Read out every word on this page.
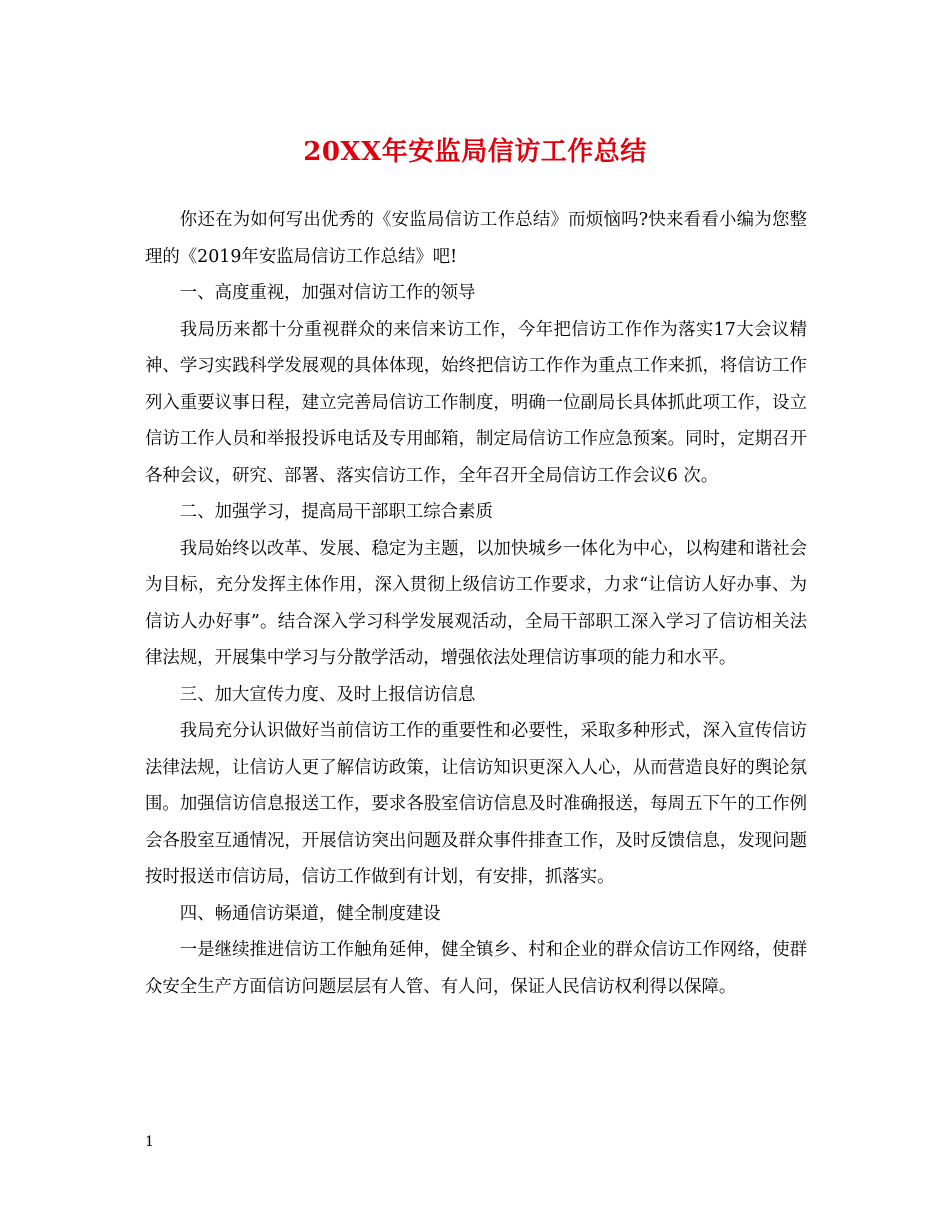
20XX年安监局信访工作总结

你还在为如何写出优秀的《安监局信访工作总结》而烦恼吗?快来看看小编为您整理的《2019年安监局信访工作总结》吧!

一、高度重视，加强对信访工作的领导

我局历来都十分重视群众的来信来访工作，今年把信访工作作为落实17大会议精神、学习实践科学发展观的具体体现，始终把信访工作作为重点工作来抓，将信访工作列入重要议事日程，建立完善局信访工作制度，明确一位副局长具体抓此项工作，设立信访工作人员和举报投诉电话及专用邮箱，制定局信访工作应急预案。同时，定期召开各种会议，研究、部署、落实信访工作，全年召开全局信访工作会议6 次。

二、加强学习，提高局干部职工综合素质

我局始终以改革、发展、稳定为主题，以加快城乡一体化为中心，以构建和谐社会为目标，充分发挥主体作用，深入贯彻上级信访工作要求，力求“让信访人好办事、为信访人办好事”。结合深入学习科学发展观活动，全局干部职工深入学习了信访相关法律法规，开展集中学习与分散学活动，增强依法处理信访事项的能力和水平。

三、加大宣传力度、及时上报信访信息

我局充分认识做好当前信访工作的重要性和必要性，采取多种形式，深入宣传信访法律法规，让信访人更了解信访政策，让信访知识更深入人心，从而营造良好的舆论氛围。加强信访信息报送工作，要求各股室信访信息及时准确报送，每周五下午的工作例会各股室互通情况，开展信访突出问题及群众事件排查工作，及时反馈信息，发现问题按时报送市信访局，信访工作做到有计划，有安排，抓落实。

四、畅通信访渠道，健全制度建设

一是继续推进信访工作触角延伸，健全镇乡、村和企业的群众信访工作网络，使群众安全生产方面信访问题层层有人管、有人问，保证人民信访权利得以保障。

1
